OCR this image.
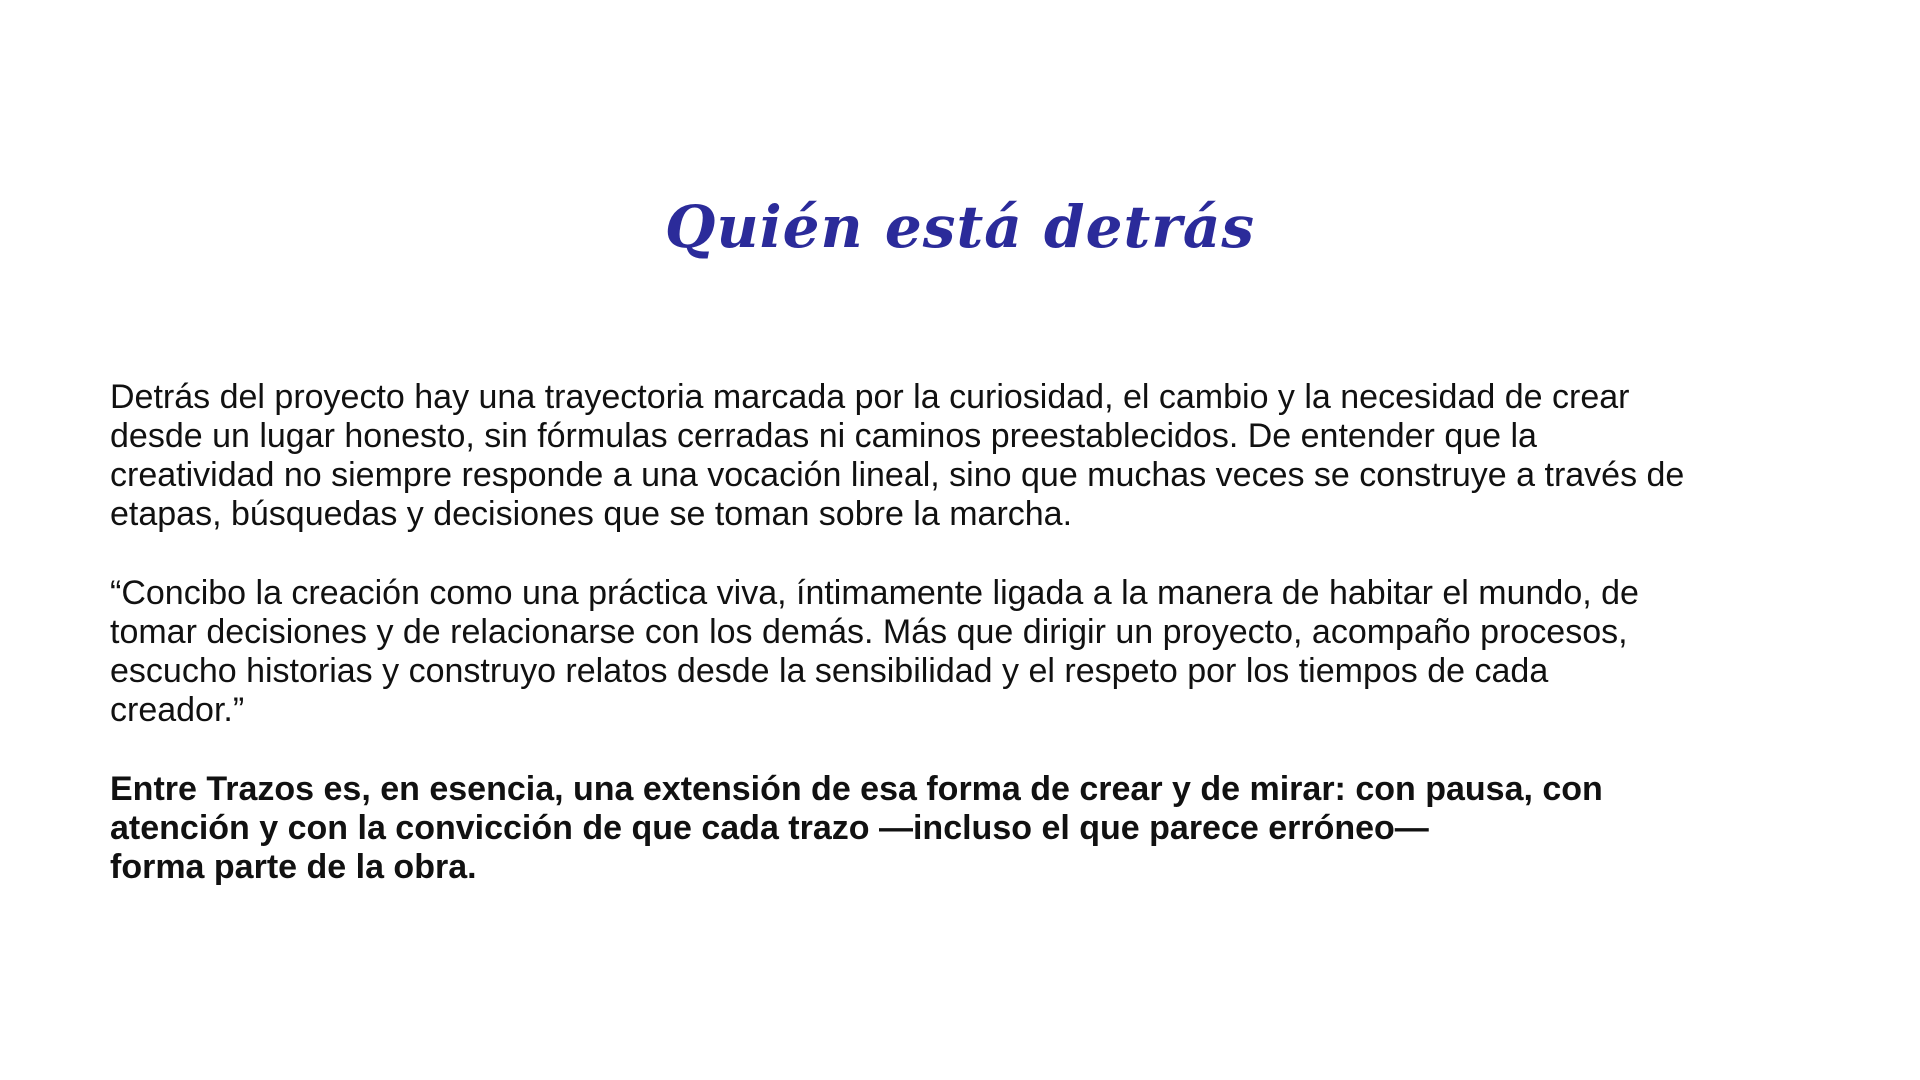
Quién está detrás

Detrás del proyecto hay una trayectoria marcada por la curiosidad, el cambio y la necesidad de crear
desde un lugar honesto, sin fórmulas cerradas ni caminos preestablecidos. De entender que la
creatividad no siempre responde a una vocación lineal, sino que muchas veces se construye a través de
etapas, búsquedas y decisiones que se toman sobre la marcha.

“Concibo la creación como una práctica viva, íntimamente ligada a la manera de habitar el mundo, de
tomar decisiones y de relacionarse con los demás. Más que dirigir un proyecto, acompaño procesos,
escucho historias y construyo relatos desde la sensibilidad y el respeto por los tiempos de cada
creador.”

Entre Trazos es, en esencia, una extensión de esa forma de crear y de mirar: con pausa, con
atención y con la convicción de que cada trazo —incluso el que parece erróneo—
forma parte de la obra.
